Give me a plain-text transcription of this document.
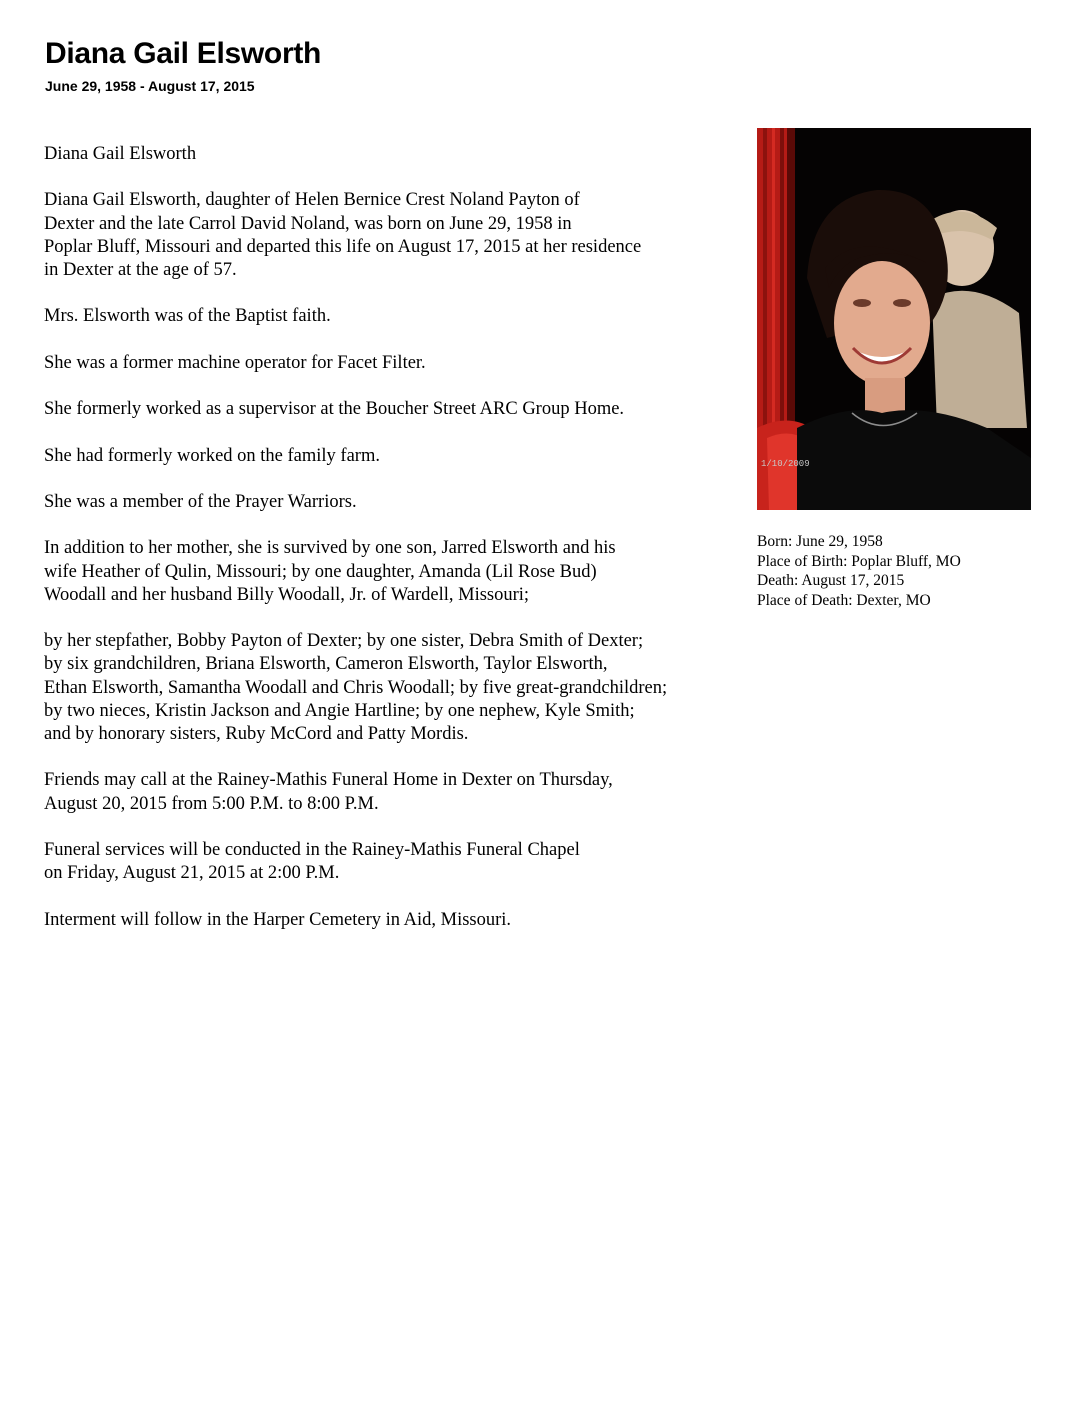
Diana Gail Elsworth

June 29, 1958 - August 17, 2015

Diana Gail Elsworth

Diana Gail Elsworth, daughter of Helen Bernice Crest Noland Payton of
Dexter and the late Carrol David Noland, was born on June 29, 1958 in
Poplar Bluff, Missouri and departed this life on August 17, 2015 at her residence
in Dexter at the age of 57.

Mrs. Elsworth was of the Baptist faith.

She was a former machine operator for Facet Filter.

She formerly worked as a supervisor at the Boucher Street ARC Group Home.

She had formerly worked on the family farm.

She was a member of the Prayer Warriors.

In addition to her mother, she is survived by one son, Jarred Elsworth and his
wife Heather of Qulin, Missouri; by one daughter, Amanda (Lil Rose Bud)
Woodall and her husband Billy Woodall, Jr. of Wardell, Missouri;

by her stepfather, Bobby Payton of Dexter; by one sister, Debra Smith of Dexter;
by six grandchildren, Briana Elsworth, Cameron Elsworth, Taylor Elsworth,
Ethan Elsworth, Samantha Woodall and Chris Woodall; by five great-grandchildren;
by two nieces, Kristin Jackson and Angie Hartline; by one nephew, Kyle Smith;
and by honorary sisters, Ruby McCord and Patty Mordis.

Friends may call at the Rainey-Mathis Funeral Home in Dexter on Thursday,
August 20, 2015 from 5:00 P.M. to 8:00 P.M.

Funeral services will be conducted in the Rainey-Mathis Funeral Chapel
on Friday, August 21, 2015 at 2:00 P.M.

Interment will follow in the Harper Cemetery in Aid, Missouri.

1/10/2009

Born: June 29, 1958
Place of Birth: Poplar Bluff, MO
Death: August 17, 2015
Place of Death: Dexter, MO
